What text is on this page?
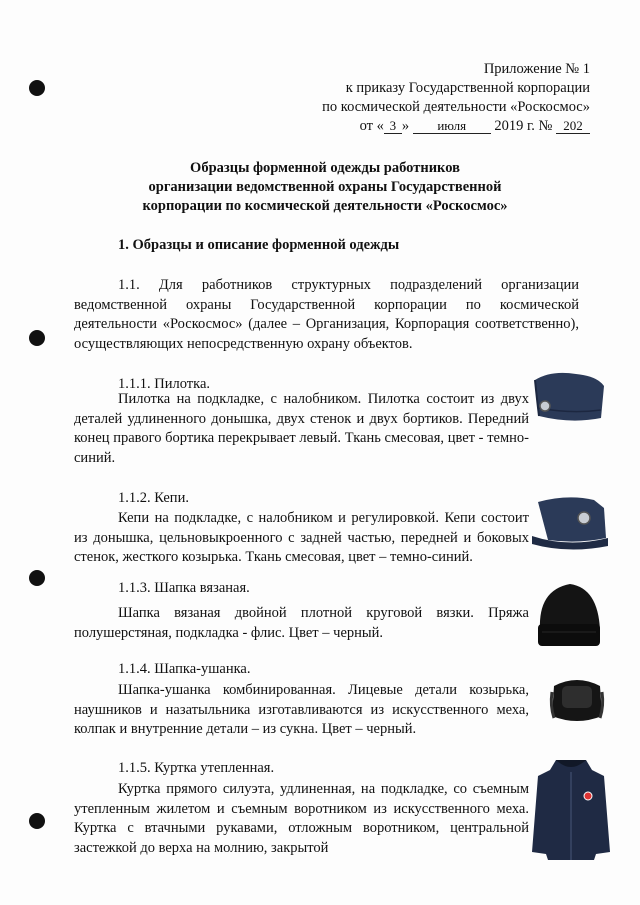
Приложение № 1
к приказу Государственной корпорации
по космической деятельности «Роскосмос»
от « 3 » июля 2019 г. № 202
Образцы форменной одежды работников
организации ведомственной охраны Государственной
корпорации по космической деятельности «Роскосмос»
1. Образцы и описание форменной одежды
1.1. Для работников структурных подразделений организации ведомственной охраны Государственной корпорации по космической деятельности «Роскосмос» (далее – Организация, Корпорация соответственно), осуществляющих непосредственную охрану объектов.
1.1.1. Пилотка.
Пилотка на подкладке, с налобником. Пилотка состоит из двух деталей удлиненного донышка, двух стенок и двух бортиков. Передний конец правого бортика перекрывает левый. Ткань смесовая, цвет - темно-синий.
1.1.2. Кепи.
Кепи на подкладке, с налобником и регулировкой. Кепи состоит из донышка, цельновыкроенного с задней частью, передней и боковых стенок, жесткого козырька. Ткань смесовая, цвет – темно-синий.
1.1.3. Шапка вязаная.
Шапка вязаная двойной плотной круговой вязки. Пряжа полушерстяная, подкладка - флис. Цвет – черный.
1.1.4. Шапка-ушанка.
Шапка-ушанка комбинированная. Лицевые детали козырька, наушников и назатыльника изготавливаются из искусственного меха, колпак и внутренние детали – из сукна. Цвет – черный.
1.1.5. Куртка утепленная.
Куртка прямого силуэта, удлиненная, на подкладке, со съемным утепленным жилетом и съемным воротником из искусственного меха. Куртка с втачными рукавами, отложным воротником, центральной застежкой до верха на молнию, закрытой
